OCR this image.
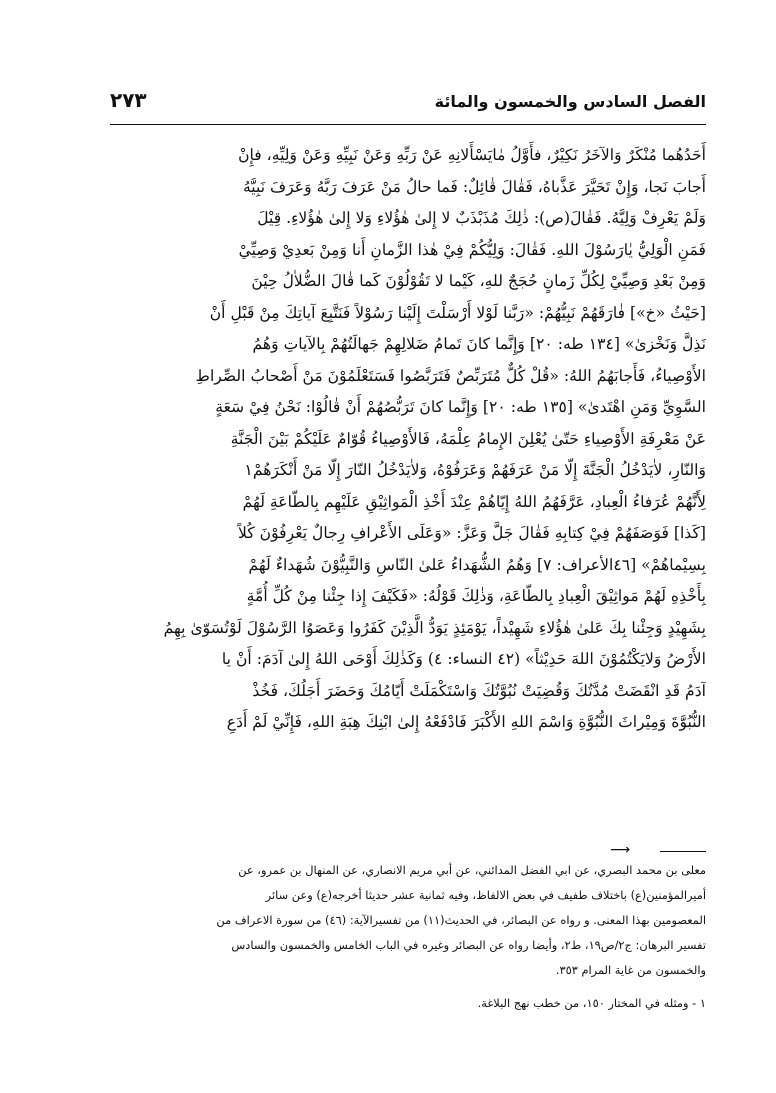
الفصل السادس والخمسون والمائة
٢٧٣
أَحَدُهُما مُنْكَرٌ وَالآخَرُ نَكِيْرٌ، فأَوَّلُ مٰايَسْأَلانِهِ عَنْ رَبِّهِ وَعَنْ نَبِيِّهِ وَعَنْ وَلِيِّهِ، فإِنْ
أَجابَ نَجا، وَإِنْ تَحَيَّرَ عَذَّباهُ، فَقٰالَ قٰائِلٌ: فَما حالُ مَنْ عَرَفَ رَبَّهُ وَعَرَفَ نَبِيَّهُ
وَلَمْ يَعْرِفْ وَلِيَّهُ. فَقٰالَ(ص): ذٰلِكَ مُذَبْذَبٌ لا إِلىٰ هٰؤُلاءِ وَلا إِلىٰ هٰؤُلاءِ. قِيْلَ
فَمَنِ الْوَلِيُّ يٰارَسُوْلَ اللهِ. فَقٰالَ: وَلِيُّكُمْ فِيْ هٰذا الزَّمانِ أَنا وَمِنْ بَعدِيْ وَصِيِّيْ
وَمِنْ بَعْدِ وَصِيِّيْ لِكُلِّ زَمانٍ حُجَجٌ للهِ، كَيْما لا تَقُوْلُوْنَ كَما قٰالَ الضُّلاٰلُ حِيْنَ
[حَيْثُ «خ»] فٰارَقَهُمْ نَبِيُّهُمْ: «رَبَّنا لَوْلا أَرْسَلْتَ إِلَيْنا رَسُوْلاً فَنَتَّبِعَ آياتِكَ مِنْ قَبْلِ أَنْ
نَذِلَّ وَنَخْزىٰ» [١٣٤ طه: ٢٠] وَإِنَّما كانَ تَمامُ ضَلالِهِمْ جَهالَتُهُمْ بِالآياتِ وَهُمُ
الأَوْصِياءُ، فَأَجابَهُمُ اللهُ: «قُلْ كُلٌّ مُتَرَبِّصٌ فَتَرَبَّصُوا فَسَتَعْلَمُوْنَ مَنْ أَصْحابُ الصِّراطِ
السَّوِيِّ وَمَنِ اهْتَدىٰ» [١٣٥ طه: ٢٠] وَإِنَّما كانَ تَرَبُّصُهُمْ أَنْ قٰالُوْا: نَحْنُ فِيْ سَعَةٍ
عَنْ مَعْرِفَةِ الأَوْصِياءِ حَتّىٰ يُعْلِنَ الإِمامُ عِلْمَهُ، فَالأَوْصِياءُ قُوّامٌ عَلَيْكُمْ بَيْنَ الْجَنَّةِ
وَالنّارِ، لاٰيَدْخُلُ الْجَنَّةَ إِلّا مَنْ عَرَفَهُمْ وَعَرَفُوْهُ، وَلاٰيَدْخُلُ النّارَ إِلّا مَنْ أَنْكَرَهُمْ١
لِأَنَّهُمْ عُرَفاءُ الْعِبادِ، عَرَّفَهُمُ اللهُ إِيّاهُمْ عِنْدَ أَخْذِ الْمَواثِيْقِ عَلَيْهِم بِالطّاعَةِ لَهُمْ
[كَذا] فَوَصَفَهُمْ فِيْ كِتابِهِ فَقٰالَ جَلَّ وَعَزَّ: «وَعَلَى الأَعْرافِ رِجالٌ يَعْرِفُوْنَ كُلاً
بِسِيْماهُمْ» [٤٦الأعراف: ٧] وَهُمُ الشُّهَداءُ عَلىٰ النّاسِ وَالنَّبِيُّوْنَ شُهَداءٌ لَهُمْ
بِأَخْذِهِ لَهُمْ مَواثِيْقَ الْعِبادِ بِالطّاعَةِ، وَذٰلِكَ قَوْلُهُ: «فَكَيْفَ إِذا جِئْنا مِنْ كُلِّ أُمَّةٍ
بِشَهِيْدٍ وَجِئْنا بِكَ عَلىٰ هٰؤُلاءِ شَهِيْداً، يَوْمَئِذٍ يَوَدُّ الَّذِيْنَ كَفَرُوا وَعَصَوُا الرَّسُوْلَ لَوْتُسَوّىٰ بِهِمُ
الأَرْضُ وَلايَكْتُمُوْنَ اللهَ حَدِيْثاً» (٤٢ النساء: ٤) وَكَذٰلِكَ أَوْحَى اللهُ إِلىٰ آدَمَ: أَنْ يا
آدَمُ قَدِ انْقَضَتْ مُدَّتُكَ وَقُضِيَتْ نُبُوَّتُكَ وَاسْتَكْمَلَتْ أَيّامُكَ وَحَضَرَ أَجَلُكَ، فَخُذْ
النُّبُوَّةَ وَمِيْراثَ النُّبُوَّةِ وَاسْمَ اللهِ الأَكْبَرَ فَادْفَعْهُ إِلىٰ ابْنِكَ هِبَةِ اللهِ، فَإِنِّيْ لَمْ أَدَعِ
⟶
معلى بن محمد البصري، عن ابي الفضل المدائني، عن أبي مريم الانصاري، عن المنهال بن عمرو، عن
أميرالمؤمنين(ع) باختلاف طفيف في بعض الالفاظ، وفيه ثمانية عشر حديثا أخرجه(ع) وعن سائر
المعصومين بهذا المعنى. و رواه عن البصائر، في الحديث(١١) من تفسيرالآية: (٤٦) من سورة الاعراف من
تفسير البرهان: ج٢/ص١٩، ط٢، وأيضا رواه عن البصائر وغيره في الباب الخامس والخمسون والسادس
والخمسون من غاية المرام ٣٥٣.
١ - ومثله في المختار ١٥٠، من خطب نهج البلاغة.
